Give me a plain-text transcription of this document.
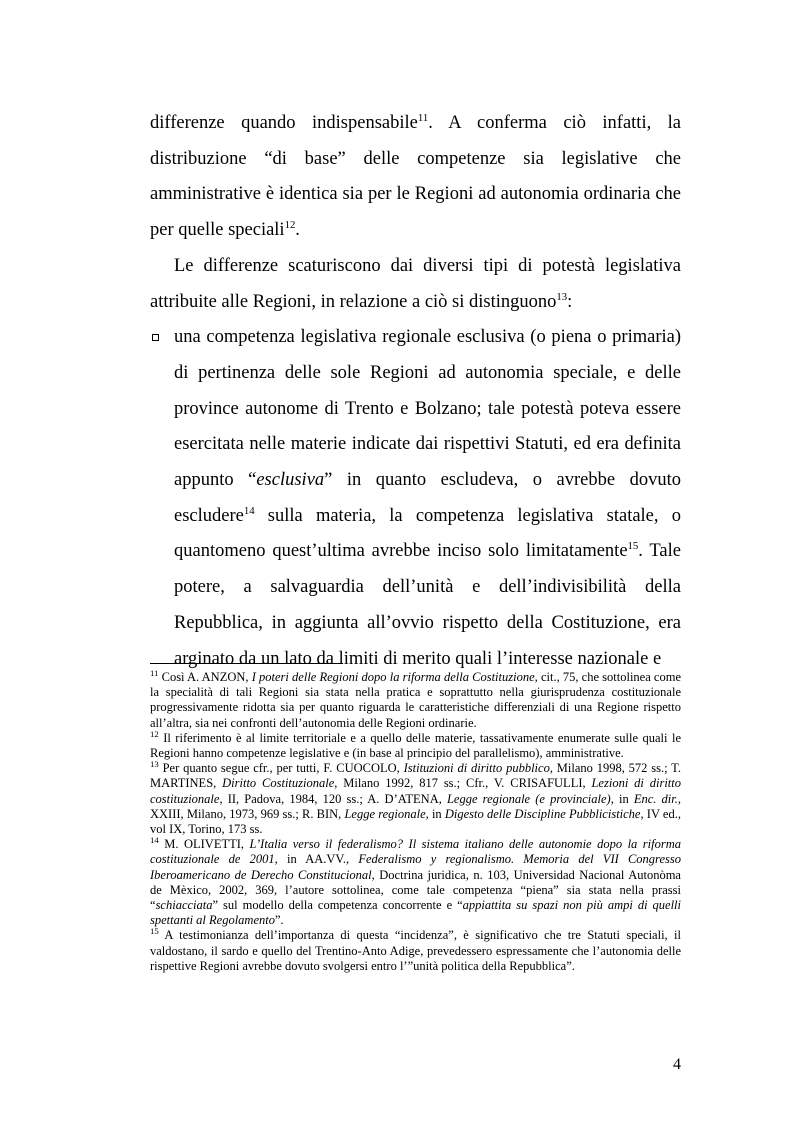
differenze quando indispensabile$^{11}$. A conferma ciò infatti, la distribuzione “di base” delle competenze sia legislative che amministrative è identica sia per le Regioni ad autonomia ordinaria che per quelle speciali$^{12}$.

Le differenze scaturiscono dai diversi tipi di potestà legislativa attribuite alle Regioni, in relazione a ciò si distinguono$^{13}$:

una competenza legislativa regionale esclusiva (o piena o primaria) di pertinenza delle sole Regioni ad autonomia speciale, e delle province autonome di Trento e Bolzano; tale potestà poteva essere esercitata nelle materie indicate dai rispettivi Statuti, ed era definita appunto “esclusiva” in quanto escludeva, o avrebbe dovuto escludere$^{14}$ sulla materia, la competenza legislativa statale, o quantomeno quest’ultima avrebbe inciso solo limitatamente$^{15}$. Tale potere, a salvaguardia dell’unità e dell’indivisibilità della Repubblica, in aggiunta all’ovvio rispetto della Costituzione, era arginato da un lato da limiti di merito quali l’interesse nazionale e

$^{11}$ Così A. ANZON, I poteri delle Regioni dopo la riforma della Costituzione, cit., 75, che sottolinea come la specialità di tali Regioni sia stata nella pratica e soprattutto nella giurisprudenza costituzionale progressivamente ridotta sia per quanto riguarda le caratteristiche differenziali di una Regione rispetto all’altra, sia nei confronti dell’autonomia delle Regioni ordinarie.

$^{12}$ Il riferimento è al limite territoriale e a quello delle materie, tassativamente enumerate sulle quali le Regioni hanno competenze legislative e (in base al principio del parallelismo), amministrative.

$^{13}$ Per quanto segue cfr., per tutti, F. CUOCOLO, Istituzioni di diritto pubblico, Milano 1998, 572 ss.; T. MARTINES, Diritto Costituzionale, Milano 1992, 817 ss.; Cfr., V. CRISAFULLI, Lezioni di diritto costituzionale, II, Padova, 1984, 120 ss.; A. D’ATENA, Legge regionale (e provinciale), in Enc. dir., XXIII, Milano, 1973, 969 ss.; R. BIN, Legge regionale, in Digesto delle Discipline Pubblicistiche, IV ed., vol IX, Torino, 173 ss.

$^{14}$ M. OLIVETTI, L’Italia verso il federalismo? Il sistema italiano delle autonomie dopo la riforma costituzionale de 2001, in AA.VV., Federalismo y regionalismo. Memoria del VII Congresso Iberoamericano de Derecho Constitucional, Doctrina juridica, n. 103, Universidad Nacional Autonòma de Mèxico, 2002, 369, l’autore sottolinea, come tale competenza “piena” sia stata nella prassi “schiacciata” sul modello della competenza concorrente e “appiattita su spazi non più ampi di quelli spettanti al Regolamento”.

$^{15}$ A testimonianza dell’importanza di questa “incidenza”, è significativo che tre Statuti speciali, il valdostano, il sardo e quello del Trentino-Anto Adige, prevedessero espressamente che l’autonomia delle rispettive Regioni avrebbe dovuto svolgersi entro l’”unità politica della Repubblica”.

4
